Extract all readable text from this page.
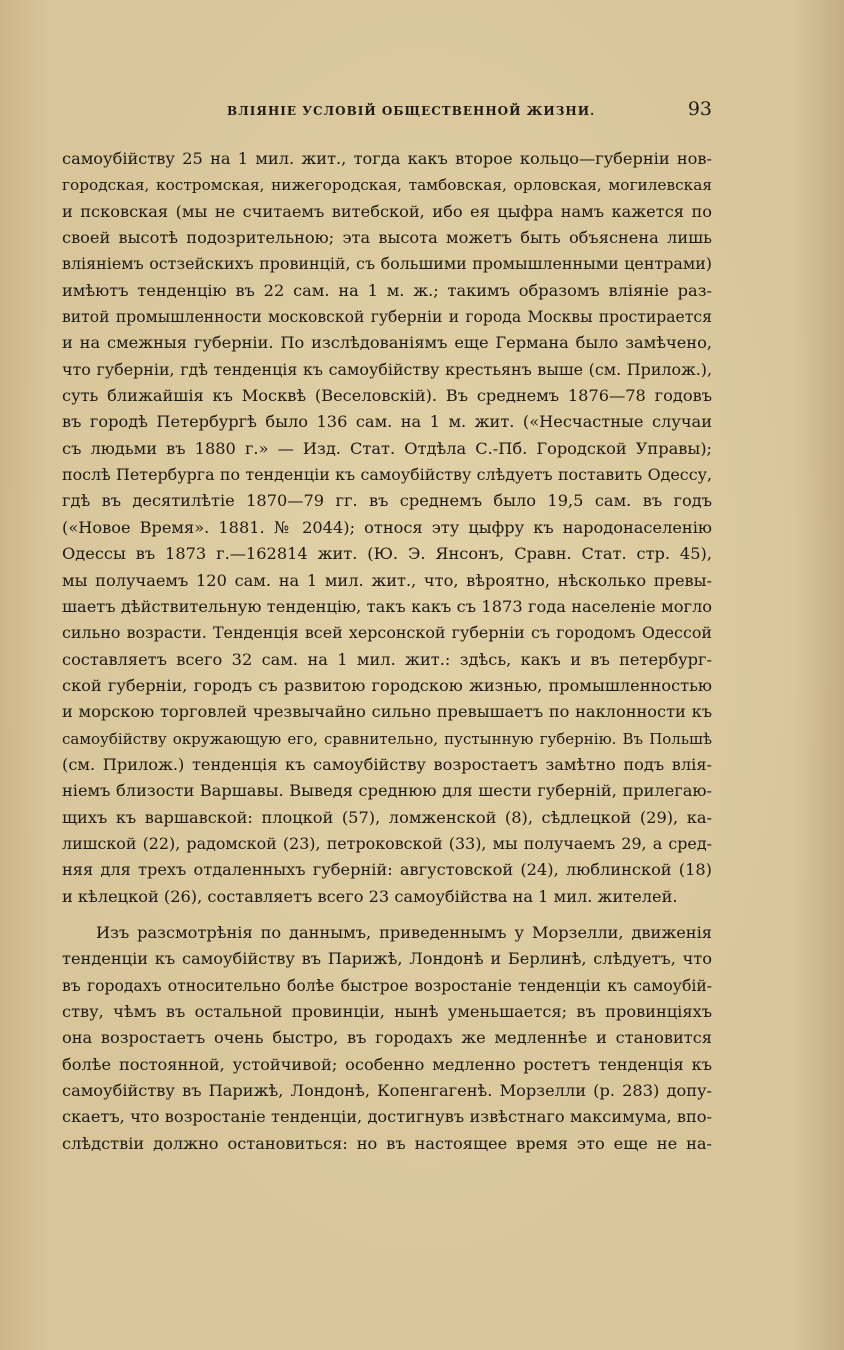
ВЛІЯНІЕ УСЛОВІЙ ОБЩЕСТВЕННОЙ ЖИЗНИ.	93
самоубійству 25 на 1 мил. жит., тогда какъ второе кольцо—губерніи нов-
городская, костромская, нижегородская, тамбовская, орловская, могилевская
и псковская (мы не считаемъ витебской, ибо ея цыфра намъ кажется по
своей высотѣ подозрительною; эта высота можетъ быть объяснена лишь
вліяніемъ остзейскихъ провинцій, съ большими промышленными центрами)
имѣютъ тенденцію въ 22 сам. на 1 м. ж.; такимъ образомъ вліяніе раз-
витой промышленности московской губерніи и города Москвы простирается
и на смежныя губерніи. По изслѣдованіямъ еще Германа было замѣчено,
что губерніи, гдѣ тенденція къ самоубійству крестьянъ выше (см. Прилож.),
суть ближайшія къ Москвѣ (Веселовскій). Въ среднемъ 1876—78 годовъ
въ городѣ Петербургѣ было 136 сам. на 1 м. жит. («Несчастные случаи
съ людьми въ 1880 г.» — Изд. Стат. Отдѣла С.-Пб. Городской Управы);
послѣ Петербурга по тенденціи къ самоубійству слѣдуетъ поставить Одессу,
гдѣ въ десятилѣтіе 1870—79 гг. въ среднемъ было 19,5 сам. въ годъ
(«Новое Время». 1881. № 2044); относя эту цыфру къ народонаселенію
Одессы въ 1873 г.—162814 жит. (Ю. Э. Янсонъ, Сравн. Стат. стр. 45),
мы получаемъ 120 сам. на 1 мил. жит., что, вѣроятно, нѣсколько превы-
шаетъ дѣйствительную тенденцію, такъ какъ съ 1873 года населеніе могло
сильно возрасти. Тенденція всей херсонской губерніи съ городомъ Одессой
составляетъ всего 32 сам. на 1 мил. жит.: здѣсь, какъ и въ петербург-
ской губерніи, городъ съ развитою городскою жизнью, промышленностью
и морскою торговлей чрезвычайно сильно превышаетъ по наклонности къ
самоубійству окружающую его, сравнительно, пустынную губернію. Въ Польшѣ
(см. Прилож.) тенденція къ самоубійству возростаетъ замѣтно подъ влія-
ніемъ близости Варшавы. Выведя среднюю для шести губерній, прилегаю-
щихъ къ варшавской: плоцкой (57), ломженской (8), сѣдлецкой (29), ка-
лишской (22), радомской (23), петроковской (33), мы получаемъ 29, а сред-
няя для трехъ отдаленныхъ губерній: августовской (24), люблинской (18)
и кѣлецкой (26), составляетъ всего 23 самоубійства на 1 мил. жителей.
Изъ разсмотрѣнія по даннымъ, приведеннымъ у Морзелли, движенія
тенденціи къ самоубійству въ Парижѣ, Лондонѣ и Берлинѣ, слѣдуетъ, что
въ городахъ относительно болѣе быстрое возростаніе тенденціи къ самоубій-
ству, чѣмъ въ остальной провинціи, нынѣ уменьшается; въ провинціяхъ
она возростаетъ очень быстро, въ городахъ же медленнѣе и становится
болѣе постоянной, устойчивой; особенно медленно ростетъ тенденція къ
самоубійству въ Парижѣ, Лондонѣ, Копенгагенѣ. Морзелли (р. 283) допу-
скаетъ, что возростаніе тенденціи, достигнувъ извѣстнаго максимума, впо-
слѣдствіи должно остановиться: но въ настоящее время это еще не на-
